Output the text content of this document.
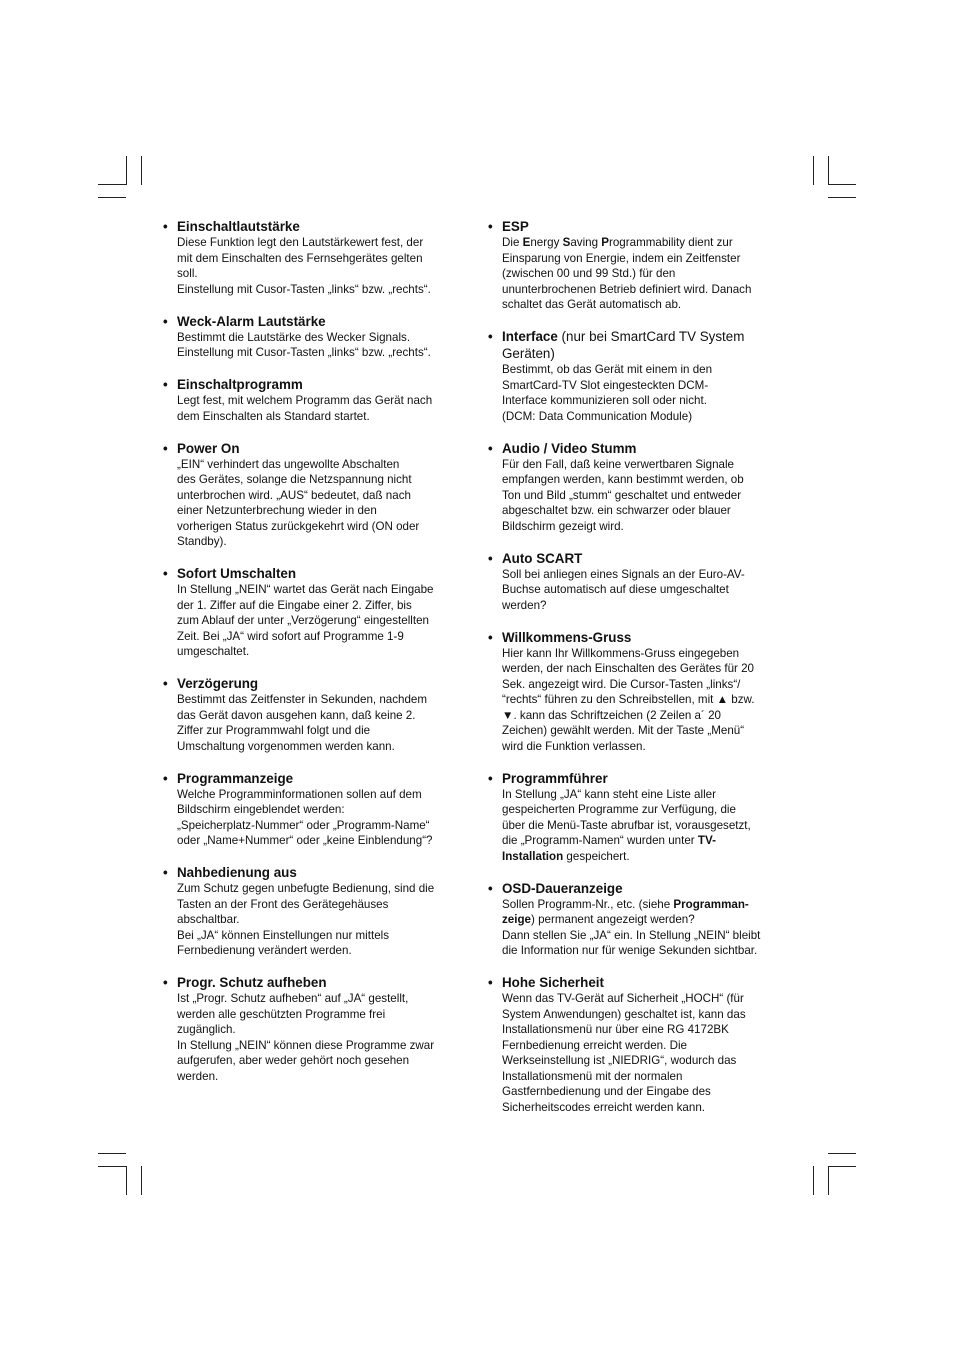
• Einschaltlautstärke

Diese Funktion legt den Lautstärkewert fest, der
mit dem Einschalten des Fernsehgerätes gelten
soll.
Einstellung mit Cusor-Tasten „links“ bzw. „rechts“.

• Weck-Alarm Lautstärke

Bestimmt die Lautstärke des Wecker Signals.
Einstellung mit Cusor-Tasten „links“ bzw. „rechts“.

• Einschaltprogramm

Legt fest, mit welchem Programm das Gerät nach
dem Einschalten als Standard startet.

• Power On

„EIN“ verhindert das ungewollte Abschalten
des Gerätes, solange die Netzspannung nicht
unterbrochen wird. „AUS“ bedeutet, daß nach
einer Netzunterbrechung wieder in den
vorherigen Status zurückgekehrt wird (ON oder
Standby).

• Sofort Umschalten

In Stellung „NEIN“ wartet das Gerät nach Eingabe
der 1. Ziffer auf die Eingabe einer 2. Ziffer, bis
zum Ablauf der unter „Verzögerung“ eingestellten
Zeit. Bei „JA“ wird sofort auf Programme 1-9
umgeschaltet.

• Verzögerung

Bestimmt das Zeitfenster in Sekunden, nachdem
das Gerät davon ausgehen kann, daß keine 2.
Ziffer zur Programmwahl folgt und die
Umschaltung vorgenommen werden kann.

• Programmanzeige

Welche Programminformationen sollen auf dem
Bildschirm eingeblendet werden:
„Speicherplatz-Nummer“ oder „Programm-Name“
oder „Name+Nummer“ oder „keine Einblendung“?

• Nahbedienung aus

Zum Schutz gegen unbefugte Bedienung, sind die
Tasten an der Front des Gerätegehäuses
abschaltbar.
Bei „JA“ können Einstellungen nur mittels
Fernbedienung verändert werden.

• Progr. Schutz aufheben

Ist „Progr. Schutz aufheben“ auf „JA“ gestellt,
werden alle geschützten Programme frei
zugänglich.
In Stellung „NEIN“ können diese Programme zwar
aufgerufen, aber weder gehört noch gesehen
werden.

• ESP

Die Energy Saving Programmability dient zur
Einsparung von Energie, indem ein Zeitfenster
(zwischen 00 und 99 Std.) für den
ununterbrochenen Betrieb definiert wird. Danach
schaltet das Gerät automatisch ab.

• Interface (nur bei SmartCard TV System
Geräten)

Bestimmt, ob das Gerät mit einem in den
SmartCard-TV Slot eingesteckten DCM-
Interface kommunizieren soll oder nicht.
(DCM: Data Communication Module)

• Audio / Video Stumm

Für den Fall, daß keine verwertbaren Signale
empfangen werden, kann bestimmt werden, ob
Ton und Bild „stumm“ geschaltet und entweder
abgeschaltet bzw. ein schwarzer oder blauer
Bildschirm gezeigt wird.

• Auto SCART

Soll bei anliegen eines Signals an der Euro-AV-
Buchse automatisch auf diese umgeschaltet
werden?

• Willkommens-Gruss

Hier kann Ihr Willkommens-Gruss eingegeben
werden, der nach Einschalten des Gerätes für 20
Sek. angezeigt wird. Die Cursor-Tasten „links“/
“rechts“ führen zu den Schreibstellen, mit ▲ bzw.
▼. kann das Schriftzeichen (2 Zeilen a´ 20
Zeichen) gewählt werden. Mit der Taste „Menü“
wird die Funktion verlassen.

• Programmführer

In Stellung „JA“ kann steht eine Liste aller
gespeicherten Programme zur Verfügung, die
über die Menü-Taste abrufbar ist, vorausgesetzt,
die „Programm-Namen“ wurden unter TV-
Installation gespeichert.

• OSD-Daueranzeige

Sollen Programm-Nr., etc. (siehe Programman-
zeige) permanent angezeigt werden?
Dann stellen Sie „JA“ ein. In Stellung „NEIN“ bleibt
die Information nur für wenige Sekunden sichtbar.

• Hohe Sicherheit

Wenn das TV-Gerät auf Sicherheit „HOCH“ (für
System Anwendungen) geschaltet ist, kann das
Installationsmenü nur über eine RG 4172BK
Fernbedienung erreicht werden. Die
Werkseinstellung ist „NIEDRIG“, wodurch das
Installationsmenü mit der normalen
Gastfernbedienung und der Eingabe des
Sicherheitscodes erreicht werden kann.
